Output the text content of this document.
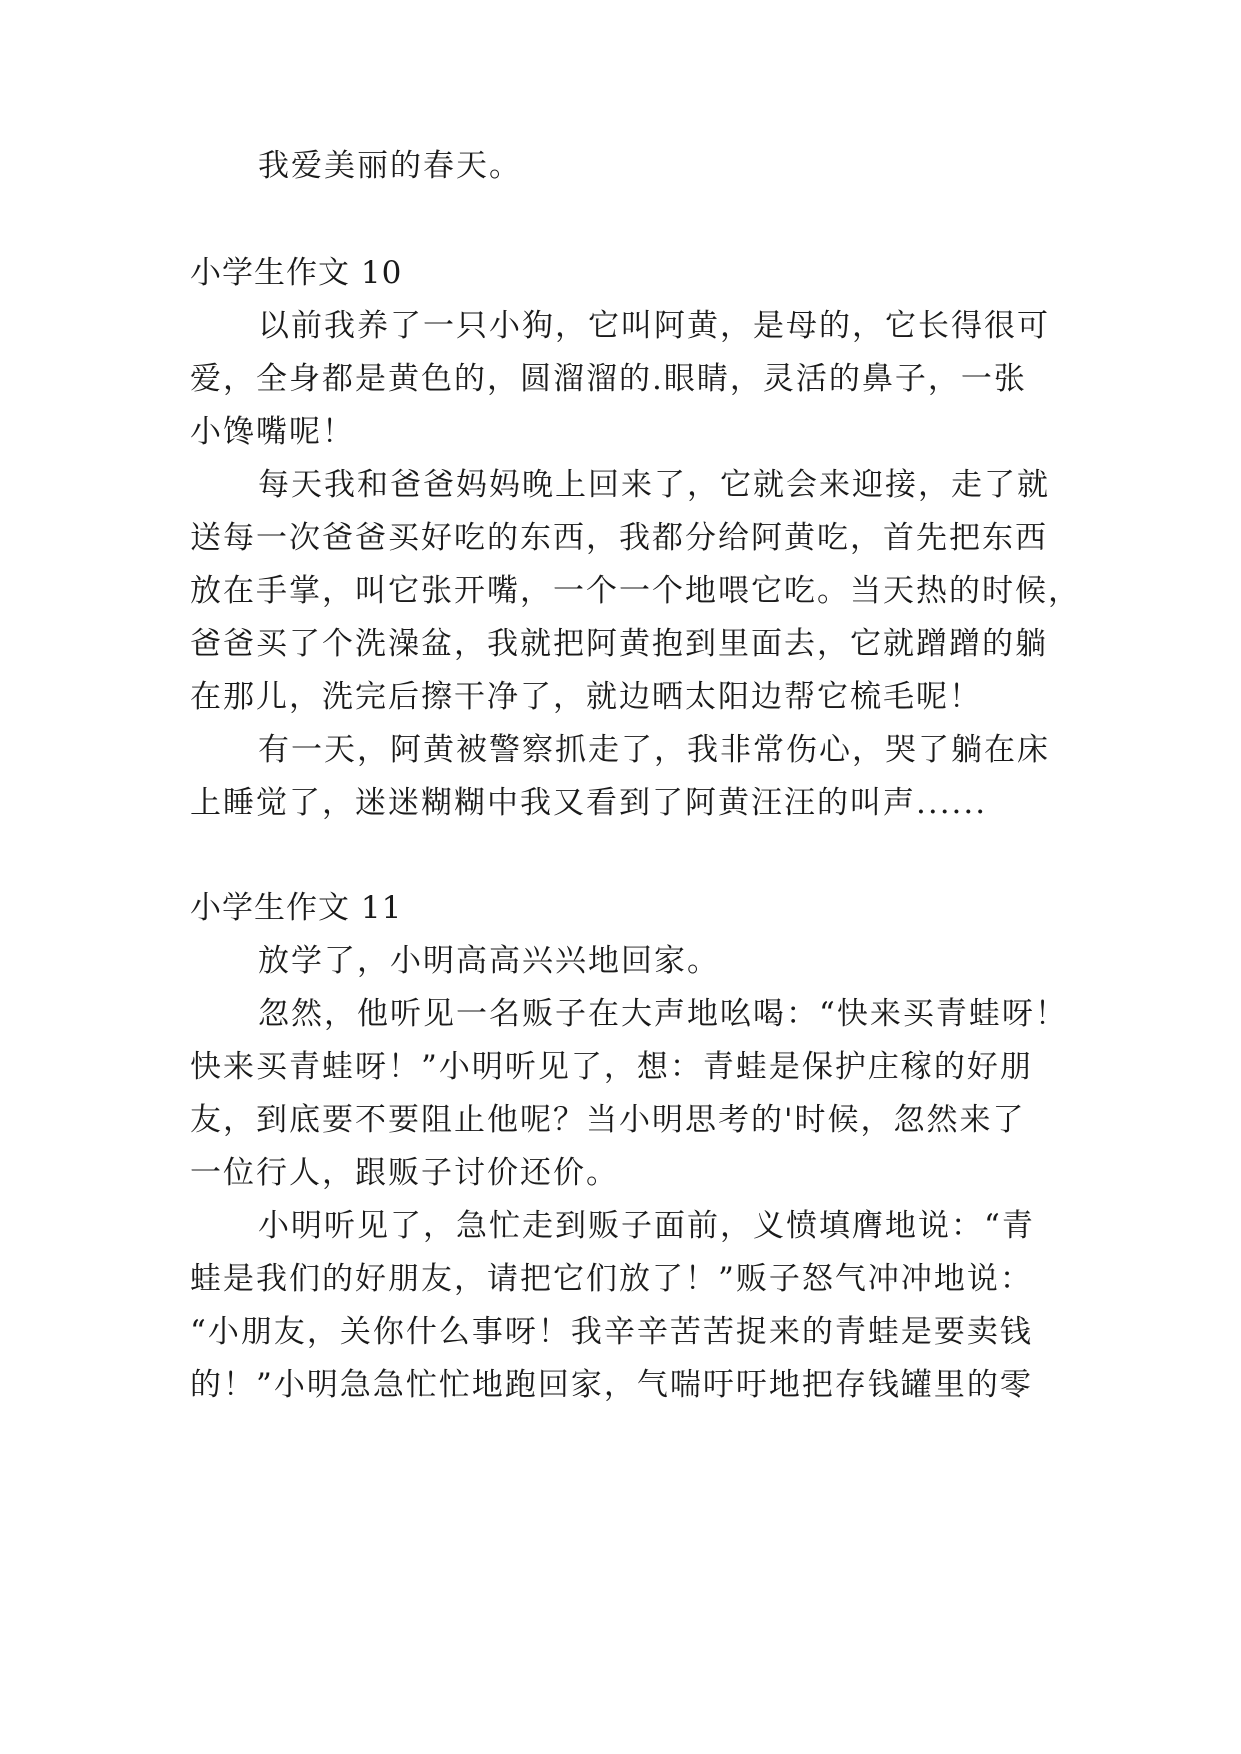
我爱美丽的春天。
小学生作文 10
以前我养了一只小狗，它叫阿黄，是母的，它长得很可
爱，全身都是黄色的，圆溜溜的.眼睛，灵活的鼻子，一张
小馋嘴呢！
每天我和爸爸妈妈晚上回来了，它就会来迎接，走了就
送每一次爸爸买好吃的东西，我都分给阿黄吃，首先把东西
放在手掌，叫它张开嘴，一个一个地喂它吃。当天热的时候，
爸爸买了个洗澡盆，我就把阿黄抱到里面去，它就蹭蹭的躺
在那儿，洗完后擦干净了，就边晒太阳边帮它梳毛呢！
有一天，阿黄被警察抓走了，我非常伤心，哭了躺在床
上睡觉了，迷迷糊糊中我又看到了阿黄汪汪的叫声......
小学生作文 11
放学了，小明高高兴兴地回家。
忽然，他听见一名贩子在大声地吆喝：“快来买青蛙呀！
快来买青蛙呀！”小明听见了，想：青蛙是保护庄稼的好朋
友，到底要不要阻止他呢？当小明思考的'时候，忽然来了
一位行人，跟贩子讨价还价。
小明听见了，急忙走到贩子面前，义愤填膺地说：“青
蛙是我们的好朋友，请把它们放了！”贩子怒气冲冲地说：
“小朋友，关你什么事呀！我辛辛苦苦捉来的青蛙是要卖钱
的！”小明急急忙忙地跑回家，气喘吁吁地把存钱罐里的零
